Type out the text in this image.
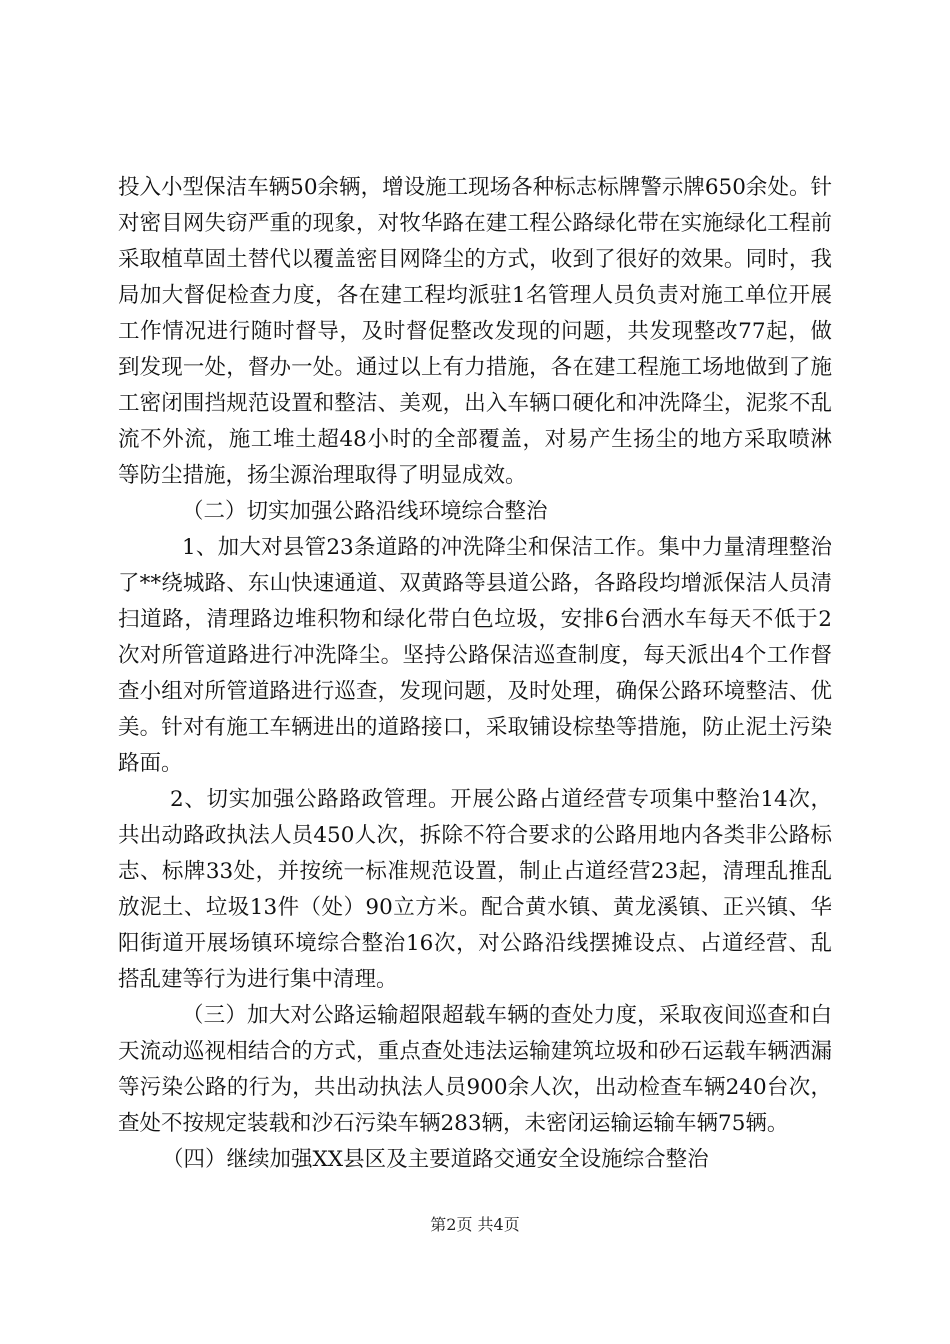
投入小型保洁车辆50余辆，增设施工现场各种标志标牌警示牌650余处。针对密目网失窃严重的现象，对牧华路在建工程公路绿化带在实施绿化工程前采取植草固土替代以覆盖密目网降尘的方式，收到了很好的效果。同时，我局加大督促检查力度，各在建工程均派驻1名管理人员负责对施工单位开展工作情况进行随时督导，及时督促整改发现的问题，共发现整改77起，做到发现一处，督办一处。通过以上有力措施，各在建工程施工场地做到了施工密闭围挡规范设置和整洁、美观，出入车辆口硬化和冲洗降尘，泥浆不乱流不外流，施工堆土超48小时的全部覆盖，对易产生扬尘的地方采取喷淋等防尘措施，扬尘源治理取得了明显成效。

（二）切实加强公路沿线环境综合整治

1、加大对县管23条道路的冲洗降尘和保洁工作。集中力量清理整治了**绕城路、东山快速通道、双黄路等县道公路，各路段均增派保洁人员清扫道路，清理路边堆积物和绿化带白色垃圾，安排6台洒水车每天不低于2次对所管道路进行冲洗降尘。坚持公路保洁巡查制度，每天派出4个工作督查小组对所管道路进行巡查，发现问题，及时处理，确保公路环境整洁、优美。针对有施工车辆进出的道路接口，采取铺设棕垫等措施，防止泥土污染路面。

2、切实加强公路路政管理。开展公路占道经营专项集中整治14次，共出动路政执法人员450人次，拆除不符合要求的公路用地内各类非公路标志、标牌33处，并按统一标准规范设置，制止占道经营23起，清理乱推乱放泥土、垃圾13件（处）90立方米。配合黄水镇、黄龙溪镇、正兴镇、华阳街道开展场镇环境综合整治16次，对公路沿线摆摊设点、占道经营、乱搭乱建等行为进行集中清理。

（三）加大对公路运输超限超载车辆的查处力度，采取夜间巡查和白天流动巡视相结合的方式，重点查处违法运输建筑垃圾和砂石运载车辆洒漏等污染公路的行为，共出动执法人员900余人次，出动检查车辆240台次，查处不按规定装载和沙石污染车辆283辆，未密闭运输运输车辆75辆。

（四）继续加强XX县区及主要道路交通安全设施综合整治

第2页 共4页
